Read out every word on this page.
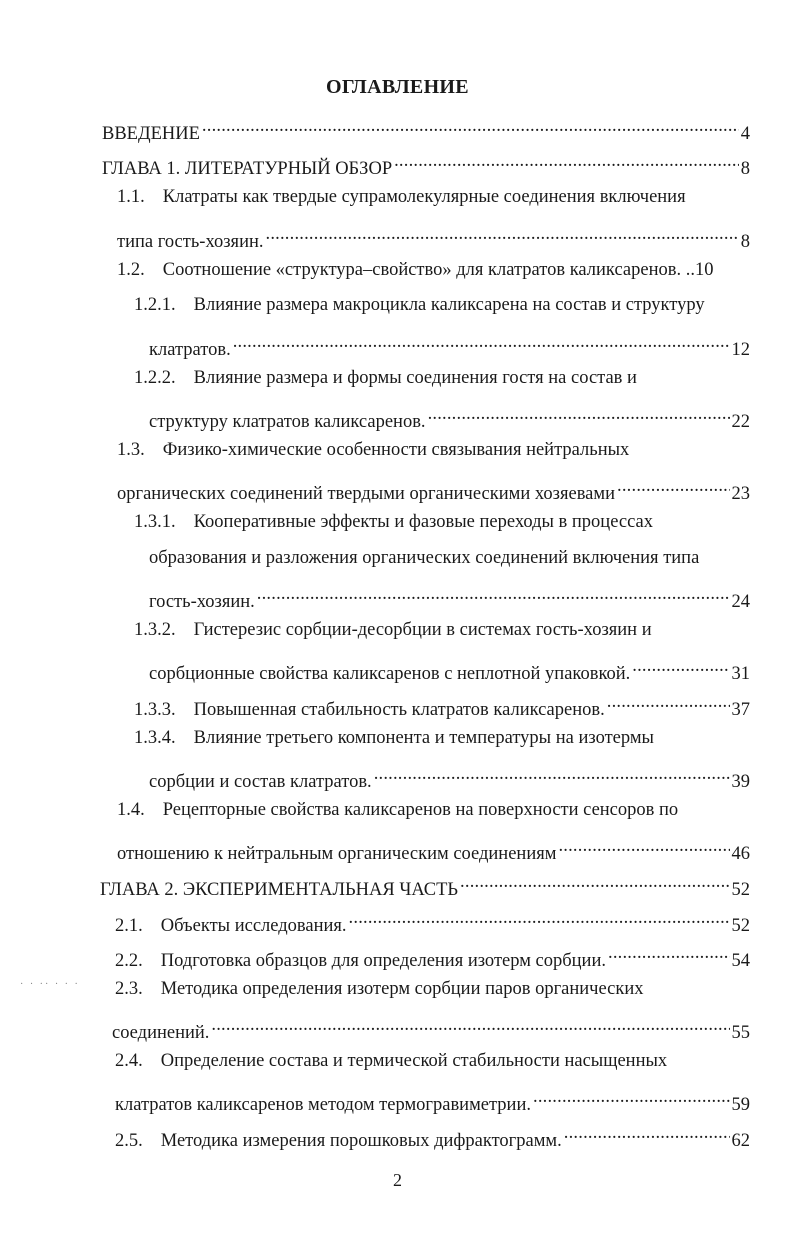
ОГЛАВЛЕНИЕ
ВВЕДЕНИЕ .....	4
ГЛАВА 1. ЛИТЕРАТУРНЫЙ ОБЗОР .....	8
1.1. Клатраты как твердые супрамолекулярные соединения включения
типа гость-хозяин. .....	8
1.2. Соотношение «структура–свойство» для клатратов каликсаренов. .. 10
1.2.1. Влияние размера макроцикла каликсарена на состав и структуру
клатратов. .....	12
1.2.2. Влияние размера и формы соединения гостя на состав и
структуру клатратов каликсаренов. .....	22
1.3. Физико-химические особенности связывания нейтральных
органических соединений твердыми органическими хозяевами .....	23
1.3.1. Кооперативные эффекты и фазовые переходы в процессах
образования и разложения органических соединений включения типа
гость-хозяин. .....	24
1.3.2. Гистерезис сорбции-десорбции в системах гость-хозяин и
сорбционные свойства каликсаренов с неплотной упаковкой. .....	31
1.3.3. Повышенная стабильность клатратов каликсаренов. .....	37
1.3.4. Влияние третьего компонента и температуры на изотермы
сорбции и состав клатратов. .....	39
1.4. Рецепторные свойства каликсаренов на поверхности сенсоров по
отношению к нейтральным органическим соединениям .....	46
ГЛАВА 2. ЭКСПЕРИМЕНТАЛЬНАЯ ЧАСТЬ .....	52
2.1. Объекты исследования. .....	52
2.2. Подготовка образцов для определения изотерм сорбции. .....	54
· · ·· · · · 2.3. Методика определения изотерм сорбции паров органических
соединений. .....	55
2.4. Определение состава и термической стабильности насыщенных
клатратов каликсаренов методом термогравиметрии. .....	59
2.5. Методика измерения порошковых дифрактограмм. .....	62
2
